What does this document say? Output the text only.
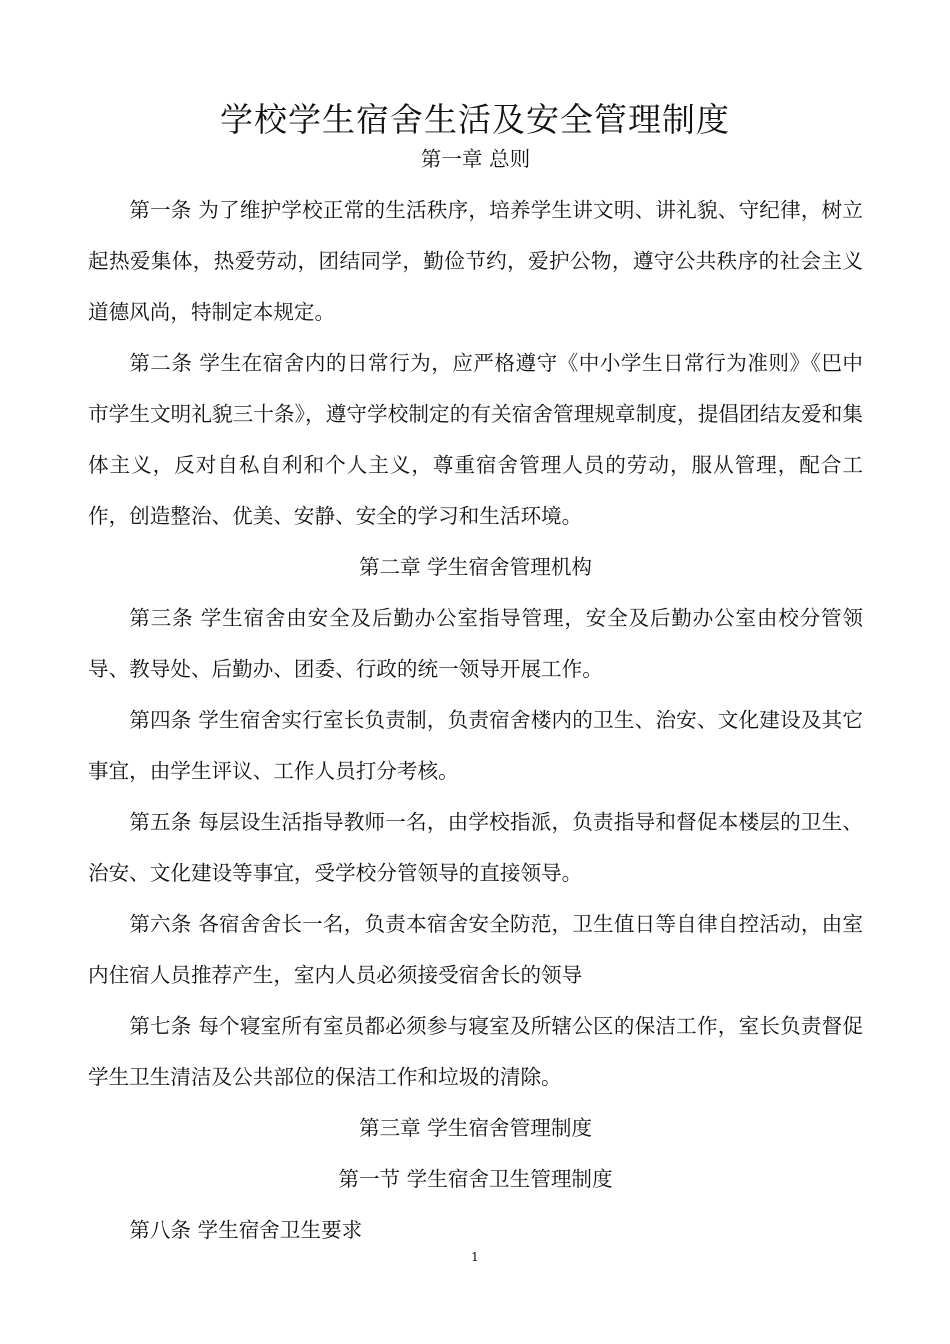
学校学生宿舍生活及安全管理制度

第一章 总则

第一条 为了维护学校正常的生活秩序，培养学生讲文明、讲礼貌、守纪律，树立起热爱集体，热爱劳动，团结同学，勤俭节约，爱护公物，遵守公共秩序的社会主义道德风尚，特制定本规定。

第二条 学生在宿舍内的日常行为，应严格遵守《中小学生日常行为准则》《巴中市学生文明礼貌三十条》，遵守学校制定的有关宿舍管理规章制度，提倡团结友爱和集体主义，反对自私自利和个人主义，尊重宿舍管理人员的劳动，服从管理，配合工作，创造整治、优美、安静、安全的学习和生活环境。

第二章 学生宿舍管理机构

第三条 学生宿舍由安全及后勤办公室指导管理，安全及后勤办公室由校分管领导、教导处、后勤办、团委、行政的统一领导开展工作。

第四条 学生宿舍实行室长负责制，负责宿舍楼内的卫生、治安、文化建设及其它事宜，由学生评议、工作人员打分考核。

第五条 每层设生活指导教师一名，由学校指派，负责指导和督促本楼层的卫生、治安、文化建设等事宜，受学校分管领导的直接领导。

第六条 各宿舍舍长一名，负责本宿舍安全防范，卫生值日等自律自控活动，由室内住宿人员推荐产生，室内人员必须接受宿舍长的领导

第七条 每个寝室所有室员都必须参与寝室及所辖公区的保洁工作，室长负责督促学生卫生清洁及公共部位的保洁工作和垃圾的清除。

第三章 学生宿舍管理制度

第一节 学生宿舍卫生管理制度

第八条 学生宿舍卫生要求

1
